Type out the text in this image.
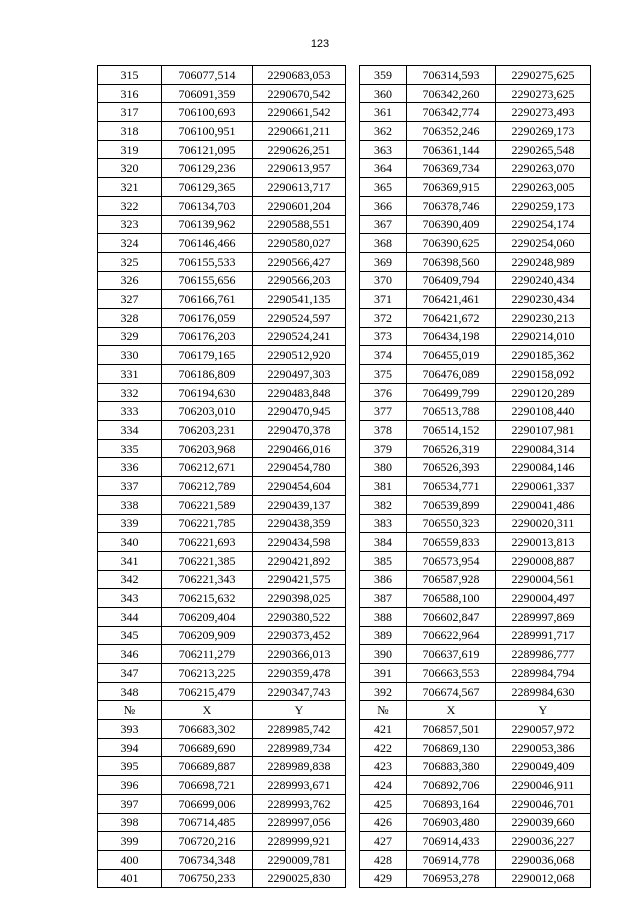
123
315	706077,514	2290683,053
316	706091,359	2290670,542
317	706100,693	2290661,542
318	706100,951	2290661,211
319	706121,095	2290626,251
320	706129,236	2290613,957
321	706129,365	2290613,717
322	706134,703	2290601,204
323	706139,962	2290588,551
324	706146,466	2290580,027
325	706155,533	2290566,427
326	706155,656	2290566,203
327	706166,761	2290541,135
328	706176,059	2290524,597
329	706176,203	2290524,241
330	706179,165	2290512,920
331	706186,809	2290497,303
332	706194,630	2290483,848
333	706203,010	2290470,945
334	706203,231	2290470,378
335	706203,968	2290466,016
336	706212,671	2290454,780
337	706212,789	2290454,604
338	706221,589	2290439,137
339	706221,785	2290438,359
340	706221,693	2290434,598
341	706221,385	2290421,892
342	706221,343	2290421,575
343	706215,632	2290398,025
344	706209,404	2290380,522
345	706209,909	2290373,452
346	706211,279	2290366,013
347	706213,225	2290359,478
348	706215,479	2290347,743
№	X	Y
393	706683,302	2289985,742
394	706689,690	2289989,734
395	706689,887	2289989,838
396	706698,721	2289993,671
397	706699,006	2289993,762
398	706714,485	2289997,056
399	706720,216	2289999,921
400	706734,348	2290009,781
401	706750,233	2290025,830
359	706314,593	2290275,625
360	706342,260	2290273,625
361	706342,774	2290273,493
362	706352,246	2290269,173
363	706361,144	2290265,548
364	706369,734	2290263,070
365	706369,915	2290263,005
366	706378,746	2290259,173
367	706390,409	2290254,174
368	706390,625	2290254,060
369	706398,560	2290248,989
370	706409,794	2290240,434
371	706421,461	2290230,434
372	706421,672	2290230,213
373	706434,198	2290214,010
374	706455,019	2290185,362
375	706476,089	2290158,092
376	706499,799	2290120,289
377	706513,788	2290108,440
378	706514,152	2290107,981
379	706526,319	2290084,314
380	706526,393	2290084,146
381	706534,771	2290061,337
382	706539,899	2290041,486
383	706550,323	2290020,311
384	706559,833	2290013,813
385	706573,954	2290008,887
386	706587,928	2290004,561
387	706588,100	2290004,497
388	706602,847	2289997,869
389	706622,964	2289991,717
390	706637,619	2289986,777
391	706663,553	2289984,794
392	706674,567	2289984,630
№	X	Y
421	706857,501	2290057,972
422	706869,130	2290053,386
423	706883,380	2290049,409
424	706892,706	2290046,911
425	706893,164	2290046,701
426	706903,480	2290039,660
427	706914,433	2290036,227
428	706914,778	2290036,068
429	706953,278	2290012,068
